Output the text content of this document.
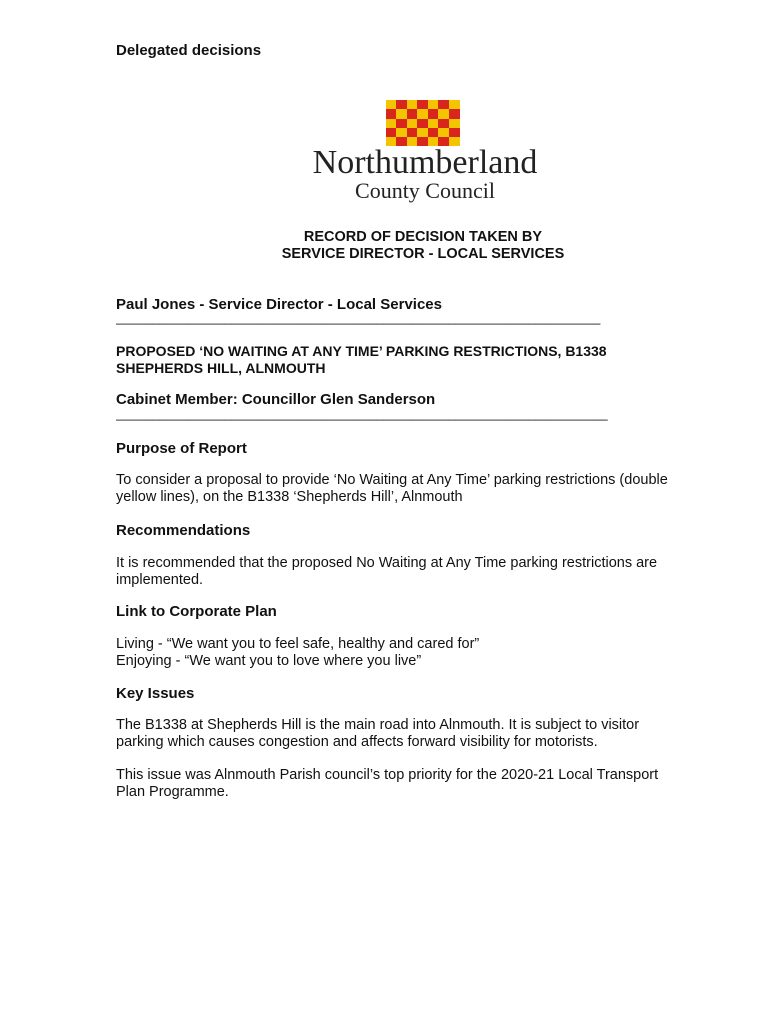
Delegated decisions
Northumberland
County Council
RECORD OF DECISION TAKEN BY
SERVICE DIRECTOR - LOCAL SERVICES
Paul Jones - Service Director - Local Services
___________________________________________________________________
PROPOSED ‘NO WAITING AT ANY TIME’ PARKING RESTRICTIONS, B1338
SHEPHERDS HILL, ALNMOUTH
Cabinet Member: Councillor Glen Sanderson
____________________________________________________________________
Purpose of Report
To consider a proposal to provide ‘No Waiting at Any Time’ parking restrictions (double
yellow lines), on the B1338 ‘Shepherds Hill’, Alnmouth
Recommendations
It is recommended that the proposed No Waiting at Any Time parking restrictions are
implemented.
Link to Corporate Plan
Living - “We want you to feel safe, healthy and cared for”
Enjoying - “We want you to love where you live”
Key Issues
The B1338 at Shepherds Hill is the main road into Alnmouth. It is subject to visitor
parking which causes congestion and affects forward visibility for motorists.
This issue was Alnmouth Parish council’s top priority for the 2020-21 Local Transport
Plan Programme.
